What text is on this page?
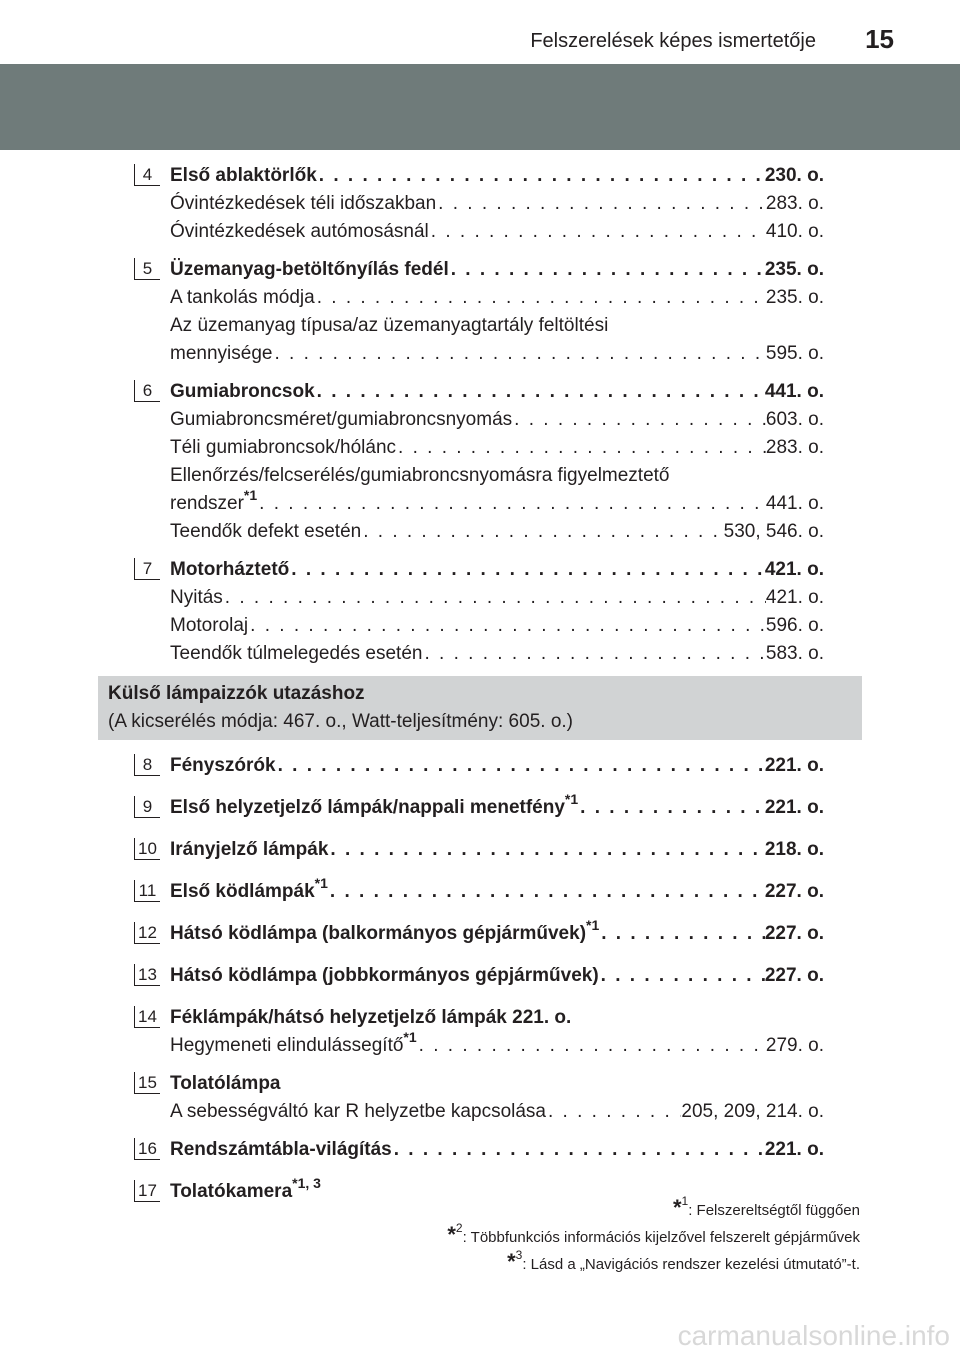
Felszerelések képes ismertetője 15
4 Első ablaktörlők . . .	230. o.
Óvintézkedések téli időszakban . . .	283. o.
Óvintézkedések autómosásnál . . .	410. o.
5 Üzemanyag-betöltőnyílás fedél . . .	235. o.
A tankolás módja . . .	235. o.
Az üzemanyag típusa/az üzemanyagtartály feltöltési
mennyisége . . .	595. o.
6 Gumiabroncsok . . .	441. o.
Gumiabroncsméret/gumiabroncsnyomás . . .	603. o.
Téli gumiabroncsok/hólánc . . .	283. o.
Ellenőrzés/felcserélés/gumiabroncsnyomásra figyelmeztető
rendszer$^{*1}$ . . .	441. o.
Teendők defekt esetén . . .	530, 546. o.
7 Motorháztető . . .	421. o.
Nyitás . . .	421. o.
Motorolaj . . .	596. o.
Teendők túlmelegedés esetén . . .	583. o.
Külső lámpaizzók utazáshoz
(A kicserélés módja: 467. o., Watt-teljesítmény: 605. o.)
8 Fényszórók . . .	221. o.
9 Első helyzetjelző lámpák/nappali menetfény$^{*1}$ . . .	221. o.
10 Irányjelző lámpák . . .	218. o.
11 Első ködlámpák$^{*1}$ . . .	227. o.
12 Hátsó ködlámpa (balkormányos gépjárművek)$^{*1}$ . . .	227. o.
13 Hátsó ködlámpa (jobbkormányos gépjárművek) . . .	227. o.
14 Féklámpák/hátsó helyzetjelző lámpák 221. o.
Hegymeneti elindulássegítő$^{*1}$ . . .	279. o.
15 Tolatólámpa
A sebességváltó kar R helyzetbe kapcsolása . . .	205, 209, 214. o.
16 Rendszámtábla-világítás . . .	221. o.
17 Tolatókamera$^{*1, 3}$
*$^1$: Felszereltségtől függően
*$^2$: Többfunkciós információs kijelzővel felszerelt gépjárművek
*$^3$: Lásd a „Navigációs rendszer kezelési útmutató”-t.
carmanualsonline.info
